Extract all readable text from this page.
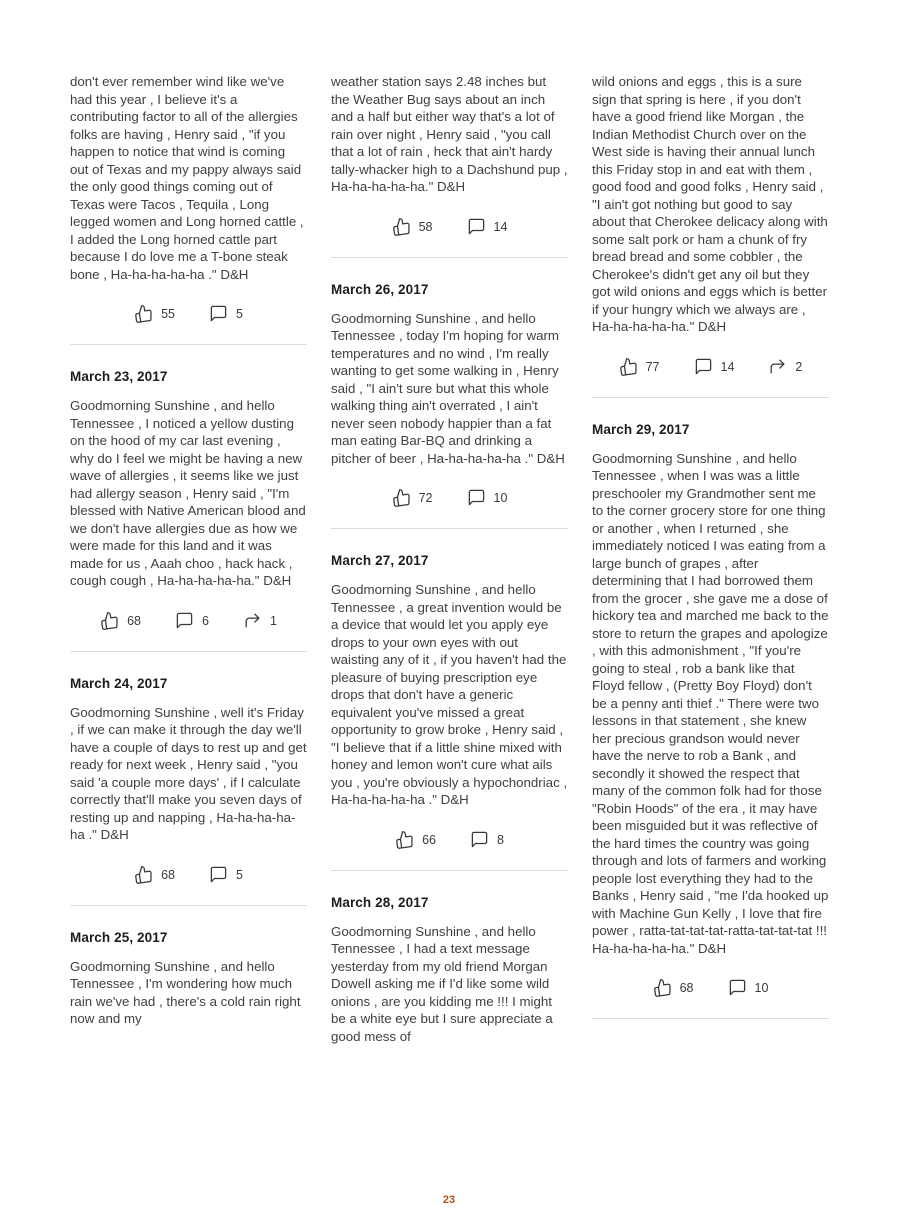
don't ever remember wind like we've had this year , I believe it's a contributing factor to all of the allergies folks are having , Henry said , "if you happen to notice that wind is coming out of Texas and my pappy always said the only good things coming out of Texas were Tacos , Tequila , Long legged women and Long horned cattle , I added the Long horned cattle part because I do love me a T-bone steak bone , Ha-ha-ha-ha-ha ." D&H

55	5
March 23, 2017

Goodmorning Sunshine , and hello Tennessee , I noticed a yellow dusting on the hood of my car last evening , why do I feel we might be having a new wave of allergies , it seems like we just had allergy season , Henry said , "I'm blessed with Native American blood and we don't have allergies due as how we were made for this land and it was made for us , Aaah choo , hack hack , cough cough , Ha-ha-ha-ha-ha." D&H

68	6	1
March 24, 2017

Goodmorning Sunshine , well it's Friday , if we can make it through the day we'll have a couple of days to rest up and get ready for next week , Henry said , "you said 'a couple more days' , if I calculate correctly that'll make you seven days of resting up and napping , Ha-ha-ha-ha-ha ." D&H

68	5
March 25, 2017

Goodmorning Sunshine , and hello Tennessee , I'm wondering how much rain we've had , there's a cold rain right now and my

weather station says 2.48 inches but the Weather Bug says about an inch and a half but either way that's a lot of rain over night , Henry said , "you call that a lot of rain , heck that ain't hardy tally-whacker high to a Dachshund pup , Ha-ha-ha-ha-ha." D&H

58	14
March 26, 2017

Goodmorning Sunshine , and hello Tennessee , today I'm hoping for warm temperatures and no wind , I'm really wanting to get some walking in , Henry said , "I ain't sure but what this whole walking thing ain't overrated , I ain't never seen nobody happier than a fat man eating Bar-BQ and drinking a pitcher of beer , Ha-ha-ha-ha-ha ." D&H

72	10
March 27, 2017

Goodmorning Sunshine , and hello Tennessee , a great invention would be a device that would let you apply eye drops to your own eyes with out waisting any of it , if you haven't had the pleasure of buying prescription eye drops that don't have a generic equivalent you've missed a great opportunity to grow broke , Henry said , "I believe that if a little shine mixed with honey and lemon won't cure what ails you , you're obviously a hypochondriac , Ha-ha-ha-ha-ha ." D&H

66	8
March 28, 2017

Goodmorning Sunshine , and hello Tennessee , I had a text message yesterday from my old friend Morgan Dowell asking me if I'd like some wild onions , are you kidding me !!! I might be a white eye but I sure appreciate a good mess of

wild onions and eggs , this is a sure sign that spring is here , if you don't have a good friend like Morgan , the Indian Methodist Church over on the West side is having their annual lunch this Friday stop in and eat with them , good food and good folks , Henry said , "I ain't got nothing but good to say about that Cherokee delicacy along with some salt pork or ham a chunk of fry bread bread and some cobbler , the Cherokee's didn't get any oil but they got wild onions and eggs which is better if your hungry which we always are , Ha-ha-ha-ha-ha." D&H

77	14	2
March 29, 2017

Goodmorning Sunshine , and hello Tennessee , when I was was a little preschooler my Grandmother sent me to the corner grocery store for one thing or another , when I returned , she immediately noticed I was eating from a large bunch of grapes , after determining that I had borrowed them from the grocer , she gave me a dose of hickory tea and marched me back to the store to return the grapes and apologize , with this admonishment , "If you're going to steal , rob a bank like that Floyd fellow , (Pretty Boy Floyd) don't be a penny anti thief ." There were two lessons in that statement , she knew her precious grandson would never have the nerve to rob a Bank , and secondly it showed the respect that many of the common folk had for those "Robin Hoods" of the era , it may have been misguided but it was reflective of the hard times the country was going through and lots of farmers and working people lost everything they had to the Banks , Henry said , "me I'da hooked up with Machine Gun Kelly , I love that fire power , ratta-tat-tat-tat-ratta-tat-tat-tat !!! Ha-ha-ha-ha-ha." D&H

68	10
23
